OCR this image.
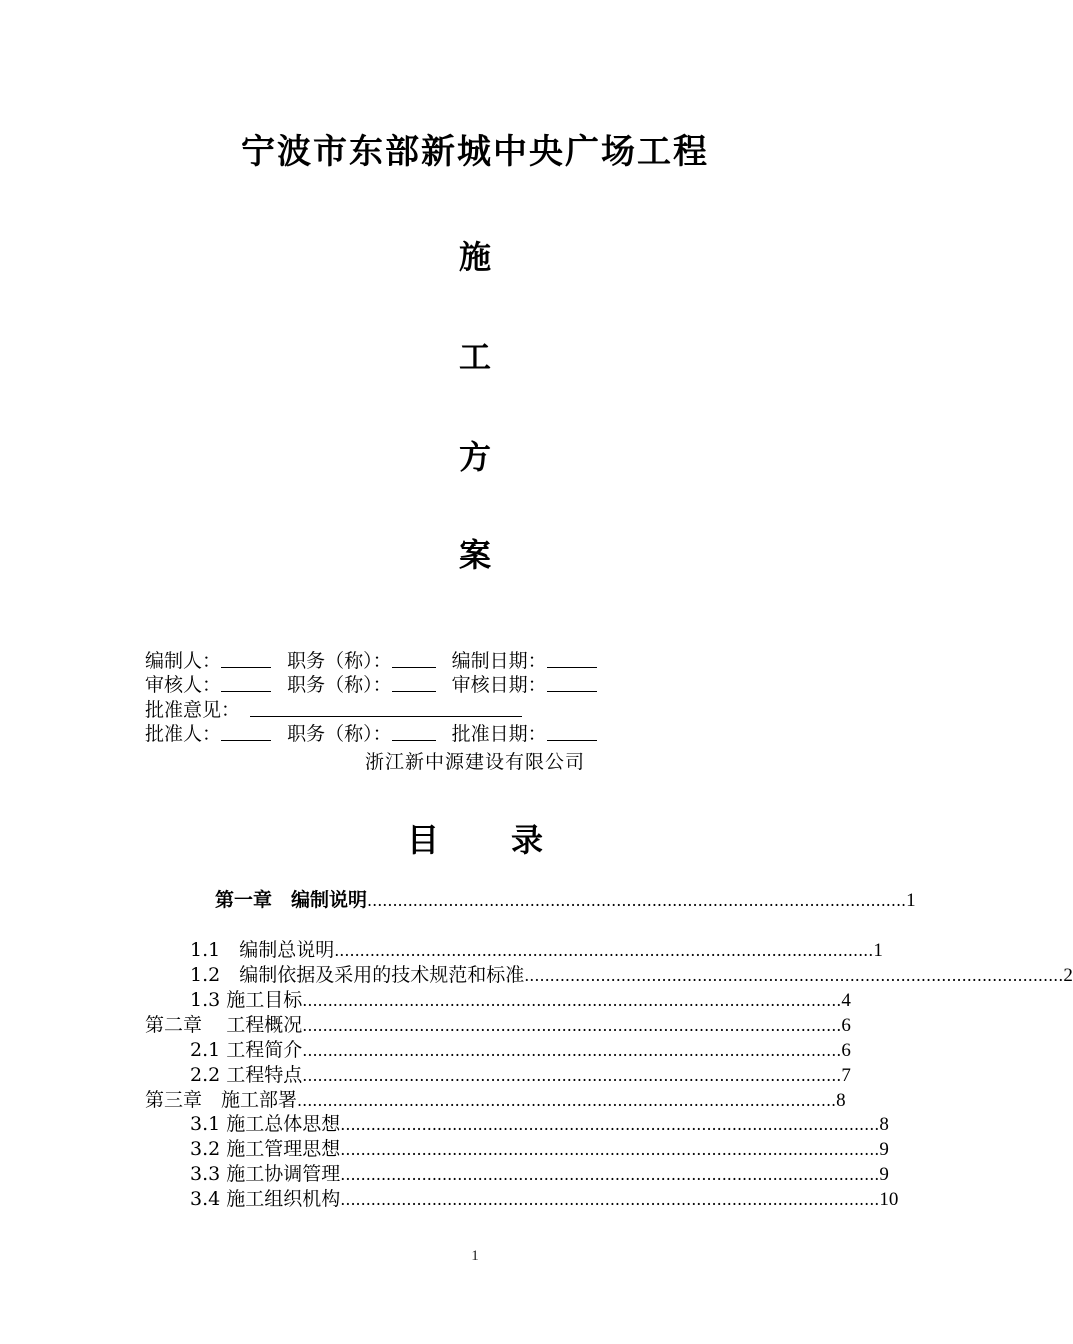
宁波市东部新城中央广场工程
施
工
方
案
编制人：	职务（称）：	编制日期：
审核人：	职务（称）：	审核日期：
批准意见：
批准人：	职务（称）：	批准日期：
浙江新中源建设有限公司
目 录
第一章　编制说明 .......................................................................................................... 1
1.1　编制总说明 .......................................................................................................... 1
1.2　编制依据及采用的技术规范和标准 .......................................................................................................... 2
1.3 施工目标 .......................................................................................................... 4
第二章　 工程概况 .......................................................................................................... 6
2.1 工程简介 .......................................................................................................... 6
2.2 工程特点 .......................................................................................................... 7
第三章　施工部署 .......................................................................................................... 8
3.1 施工总体思想 .......................................................................................................... 8
3.2 施工管理思想 .......................................................................................................... 9
3.3 施工协调管理 .......................................................................................................... 9
3.4 施工组织机构 .......................................................................................................... 10
1
